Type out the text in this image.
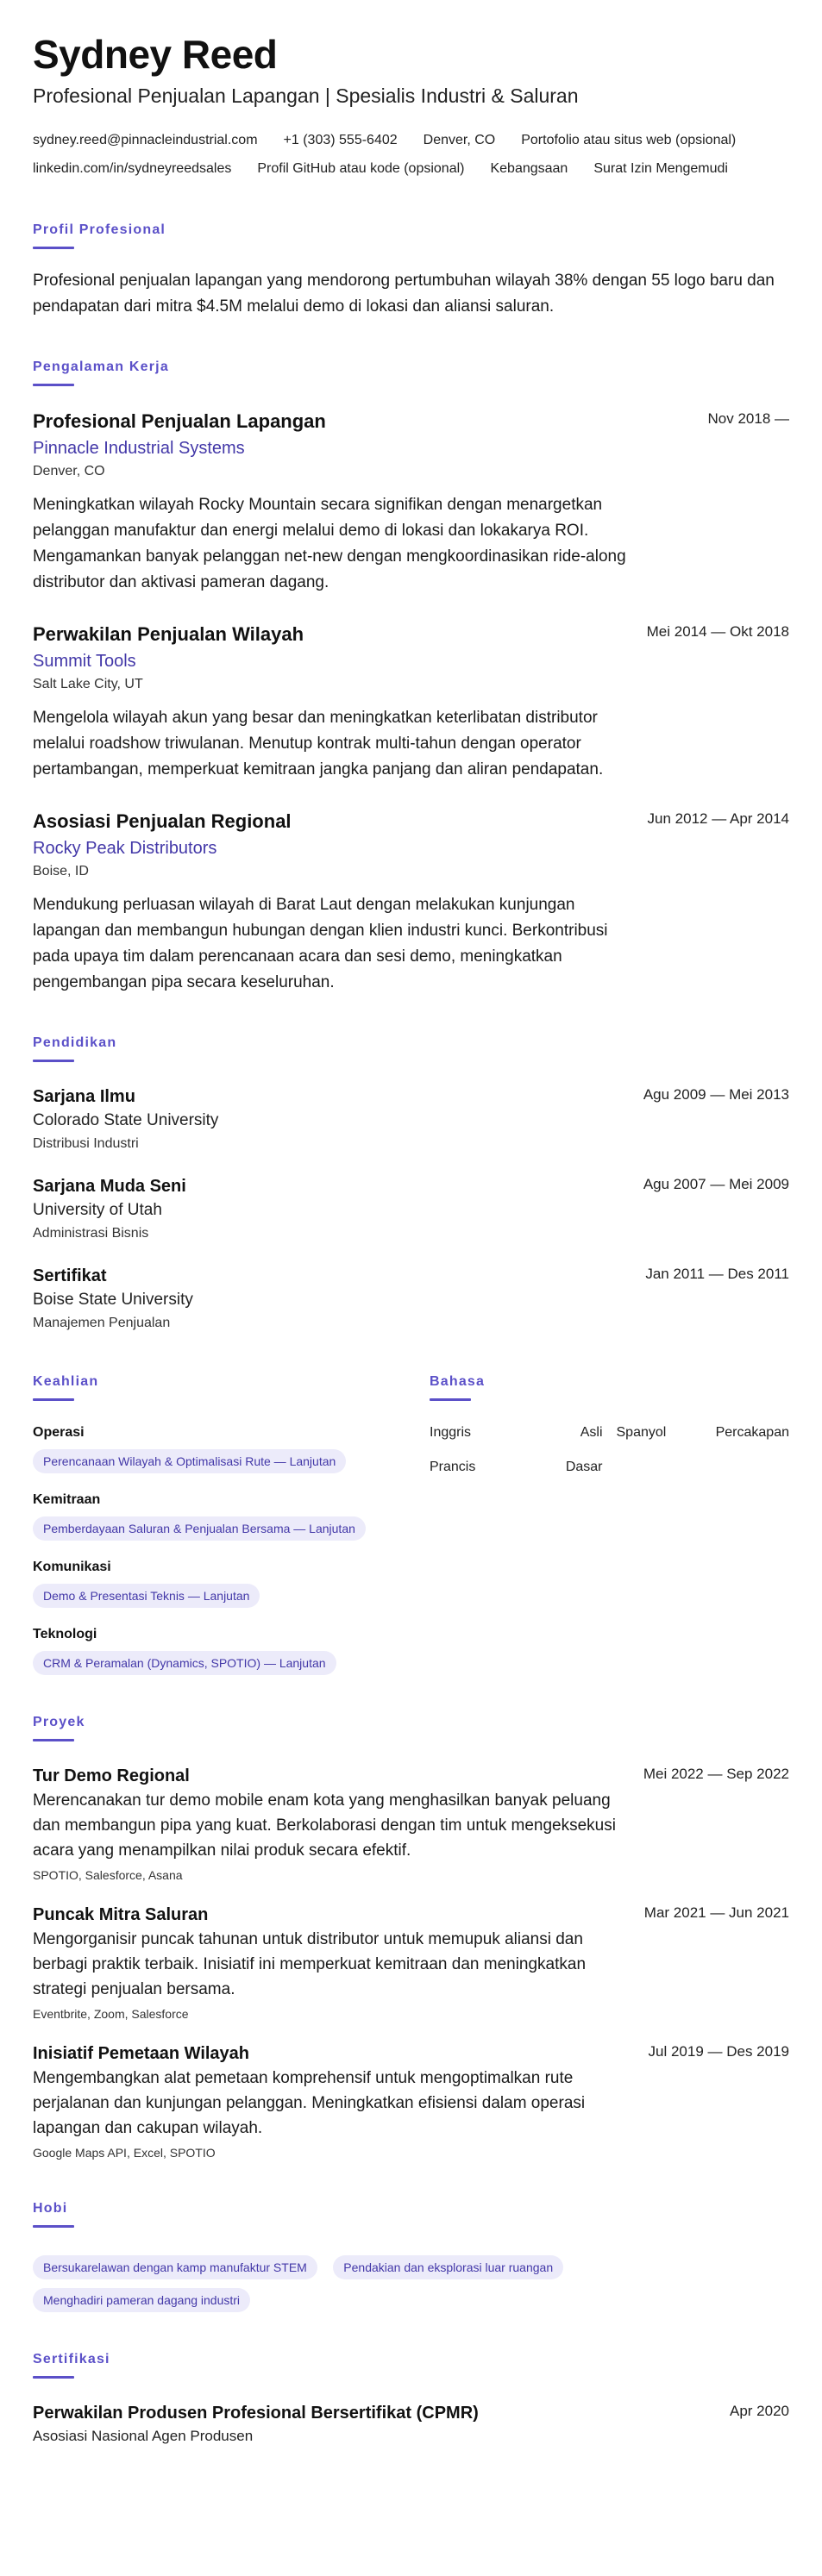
Sydney Reed
Profesional Penjualan Lapangan | Spesialis Industri & Saluran
sydney.reed@pinnacleindustrial.com +1 (303) 555-6402 Denver, CO Portofolio atau situs web (opsional)
linkedin.com/in/sydneyreedsales Profil GitHub atau kode (opsional) Kebangsaan Surat Izin Mengemudi
Profil Profesional
Profesional penjualan lapangan yang mendorong pertumbuhan wilayah 38% dengan 55 logo baru dan pendapatan dari mitra $4.5M melalui demo di lokasi dan aliansi saluran.
Pengalaman Kerja
Nov 2018 —
Profesional Penjualan Lapangan
Pinnacle Industrial Systems
Denver, CO
Meningkatkan wilayah Rocky Mountain secara signifikan dengan menargetkan pelanggan manufaktur dan energi melalui demo di lokasi dan lokakarya ROI. Mengamankan banyak pelanggan net-new dengan mengkoordinasikan ride-along distributor dan aktivasi pameran dagang.
Mei 2014 — Okt 2018
Perwakilan Penjualan Wilayah
Summit Tools
Salt Lake City, UT
Mengelola wilayah akun yang besar dan meningkatkan keterlibatan distributor melalui roadshow triwulanan. Menutup kontrak multi-tahun dengan operator pertambangan, memperkuat kemitraan jangka panjang dan aliran pendapatan.
Jun 2012 — Apr 2014
Asosiasi Penjualan Regional
Rocky Peak Distributors
Boise, ID
Mendukung perluasan wilayah di Barat Laut dengan melakukan kunjungan lapangan dan membangun hubungan dengan klien industri kunci. Berkontribusi pada upaya tim dalam perencanaan acara dan sesi demo, meningkatkan pengembangan pipa secara keseluruhan.
Pendidikan
Agu 2009 — Mei 2013
Sarjana Ilmu
Colorado State University
Distribusi Industri
Agu 2007 — Mei 2009
Sarjana Muda Seni
University of Utah
Administrasi Bisnis
Jan 2011 — Des 2011
Sertifikat
Boise State University
Manajemen Penjualan
Keahlian
Operasi
Perencanaan Wilayah & Optimalisasi Rute — Lanjutan
Kemitraan
Pemberdayaan Saluran & Penjualan Bersama — Lanjutan
Komunikasi
Demo & Presentasi Teknis — Lanjutan
Teknologi
CRM & Peramalan (Dynamics, SPOTIO) — Lanjutan
Bahasa
Inggris	Asli Spanyol	Percakapan
Prancis	Dasar
Proyek
Mei 2022 — Sep 2022
Tur Demo Regional
Merencanakan tur demo mobile enam kota yang menghasilkan banyak peluang dan membangun pipa yang kuat. Berkolaborasi dengan tim untuk mengeksekusi acara yang menampilkan nilai produk secara efektif.
SPOTIO, Salesforce, Asana
Mar 2021 — Jun 2021
Puncak Mitra Saluran
Mengorganisir puncak tahunan untuk distributor untuk memupuk aliansi dan berbagi praktik terbaik. Inisiatif ini memperkuat kemitraan dan meningkatkan strategi penjualan bersama.
Eventbrite, Zoom, Salesforce
Jul 2019 — Des 2019
Inisiatif Pemetaan Wilayah
Mengembangkan alat pemetaan komprehensif untuk mengoptimalkan rute perjalanan dan kunjungan pelanggan. Meningkatkan efisiensi dalam operasi lapangan dan cakupan wilayah.
Google Maps API, Excel, SPOTIO
Hobi
Bersukarelawan dengan kamp manufaktur STEM	Pendakian dan eksplorasi luar ruangan Menghadiri pameran dagang industri
Sertifikasi
Apr 2020
Perwakilan Produsen Profesional Bersertifikat (CPMR)
Asosiasi Nasional Agen Produsen
